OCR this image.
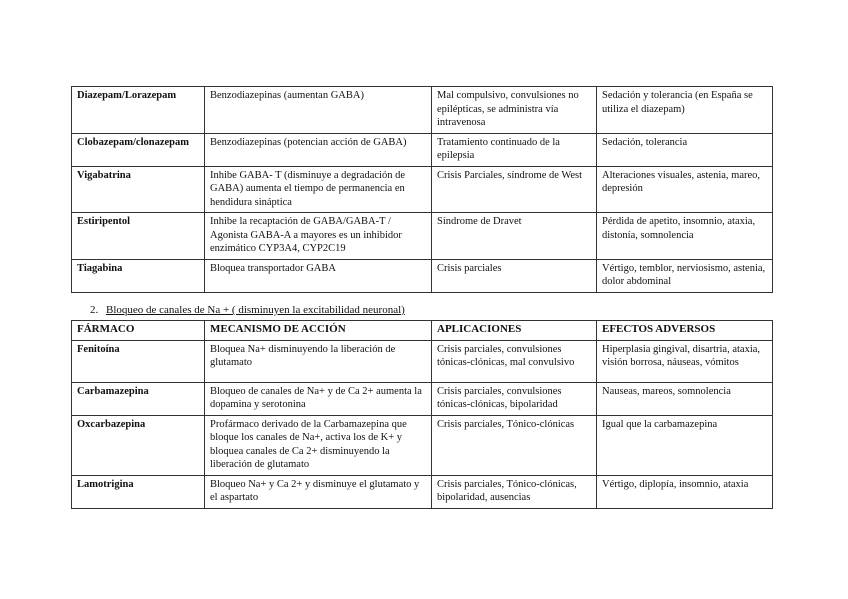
Diazepam/Lorazepam	Benzodiazepinas (aumentan GABA)	Mal compulsivo, convulsiones no epilépticas, se administra vía intravenosa	Sedación y tolerancia (en España se utiliza el diazepam)
Clobazepam/clonazepam	Benzodiazepinas (potencian acción de GABA)	Tratamiento continuado de la epilepsia	Sedación, tolerancia
Vigabatrina	Inhibe GABA- T (disminuye a degradación de GABA) aumenta el tiempo de permanencia en hendidura sináptica	Crisis Parciales, síndrome de West	Alteraciones visuales, astenia, mareo, depresión
Estiripentol	Inhibe la recaptación de GABA/GABA-T / Agonista GABA-A a mayores es un inhibidor enzimático CYP3A4, CYP2C19	Síndrome de Dravet	Pérdida de apetito, insomnio, ataxia, distonía, somnolencia
Tiagabina	Bloquea transportador GABA	Crisis parciales	Vértigo, temblor, nerviosismo, astenia, dolor abdominal
2. Bloqueo de canales de Na + ( disminuyen la excitabilidad neuronal)
FÁRMACO	MECANISMO DE ACCIÓN	APLICACIONES	EFECTOS ADVERSOS
Fenitoína	Bloquea Na+ disminuyendo la liberación de glutamato	Crisis parciales, convulsiones tónicas-clónicas, mal convulsivo	Hiperplasia gingival, disartria, ataxia, visión borrosa, náuseas, vómitos
Carbamazepina	Bloqueo de canales de Na+ y de Ca 2+ aumenta la dopamina y serotonina	Crisis parciales, convulsiones tónicas-clónicas, bipolaridad	Nauseas, mareos, somnolencia
Oxcarbazepina	Profármaco derivado de la Carbamazepina que bloque los canales de Na+, activa los de K+ y bloquea canales de Ca 2+ disminuyendo la liberación de glutamato	Crisis parciales, Tónico-clónicas	Igual que la carbamazepina
Lamotrigina	Bloqueo Na+ y Ca 2+ y disminuye el glutamato y el aspartato	Crisis parciales, Tónico-clónicas, bipolaridad, ausencias	Vértigo, diplopía, insomnio, ataxia
